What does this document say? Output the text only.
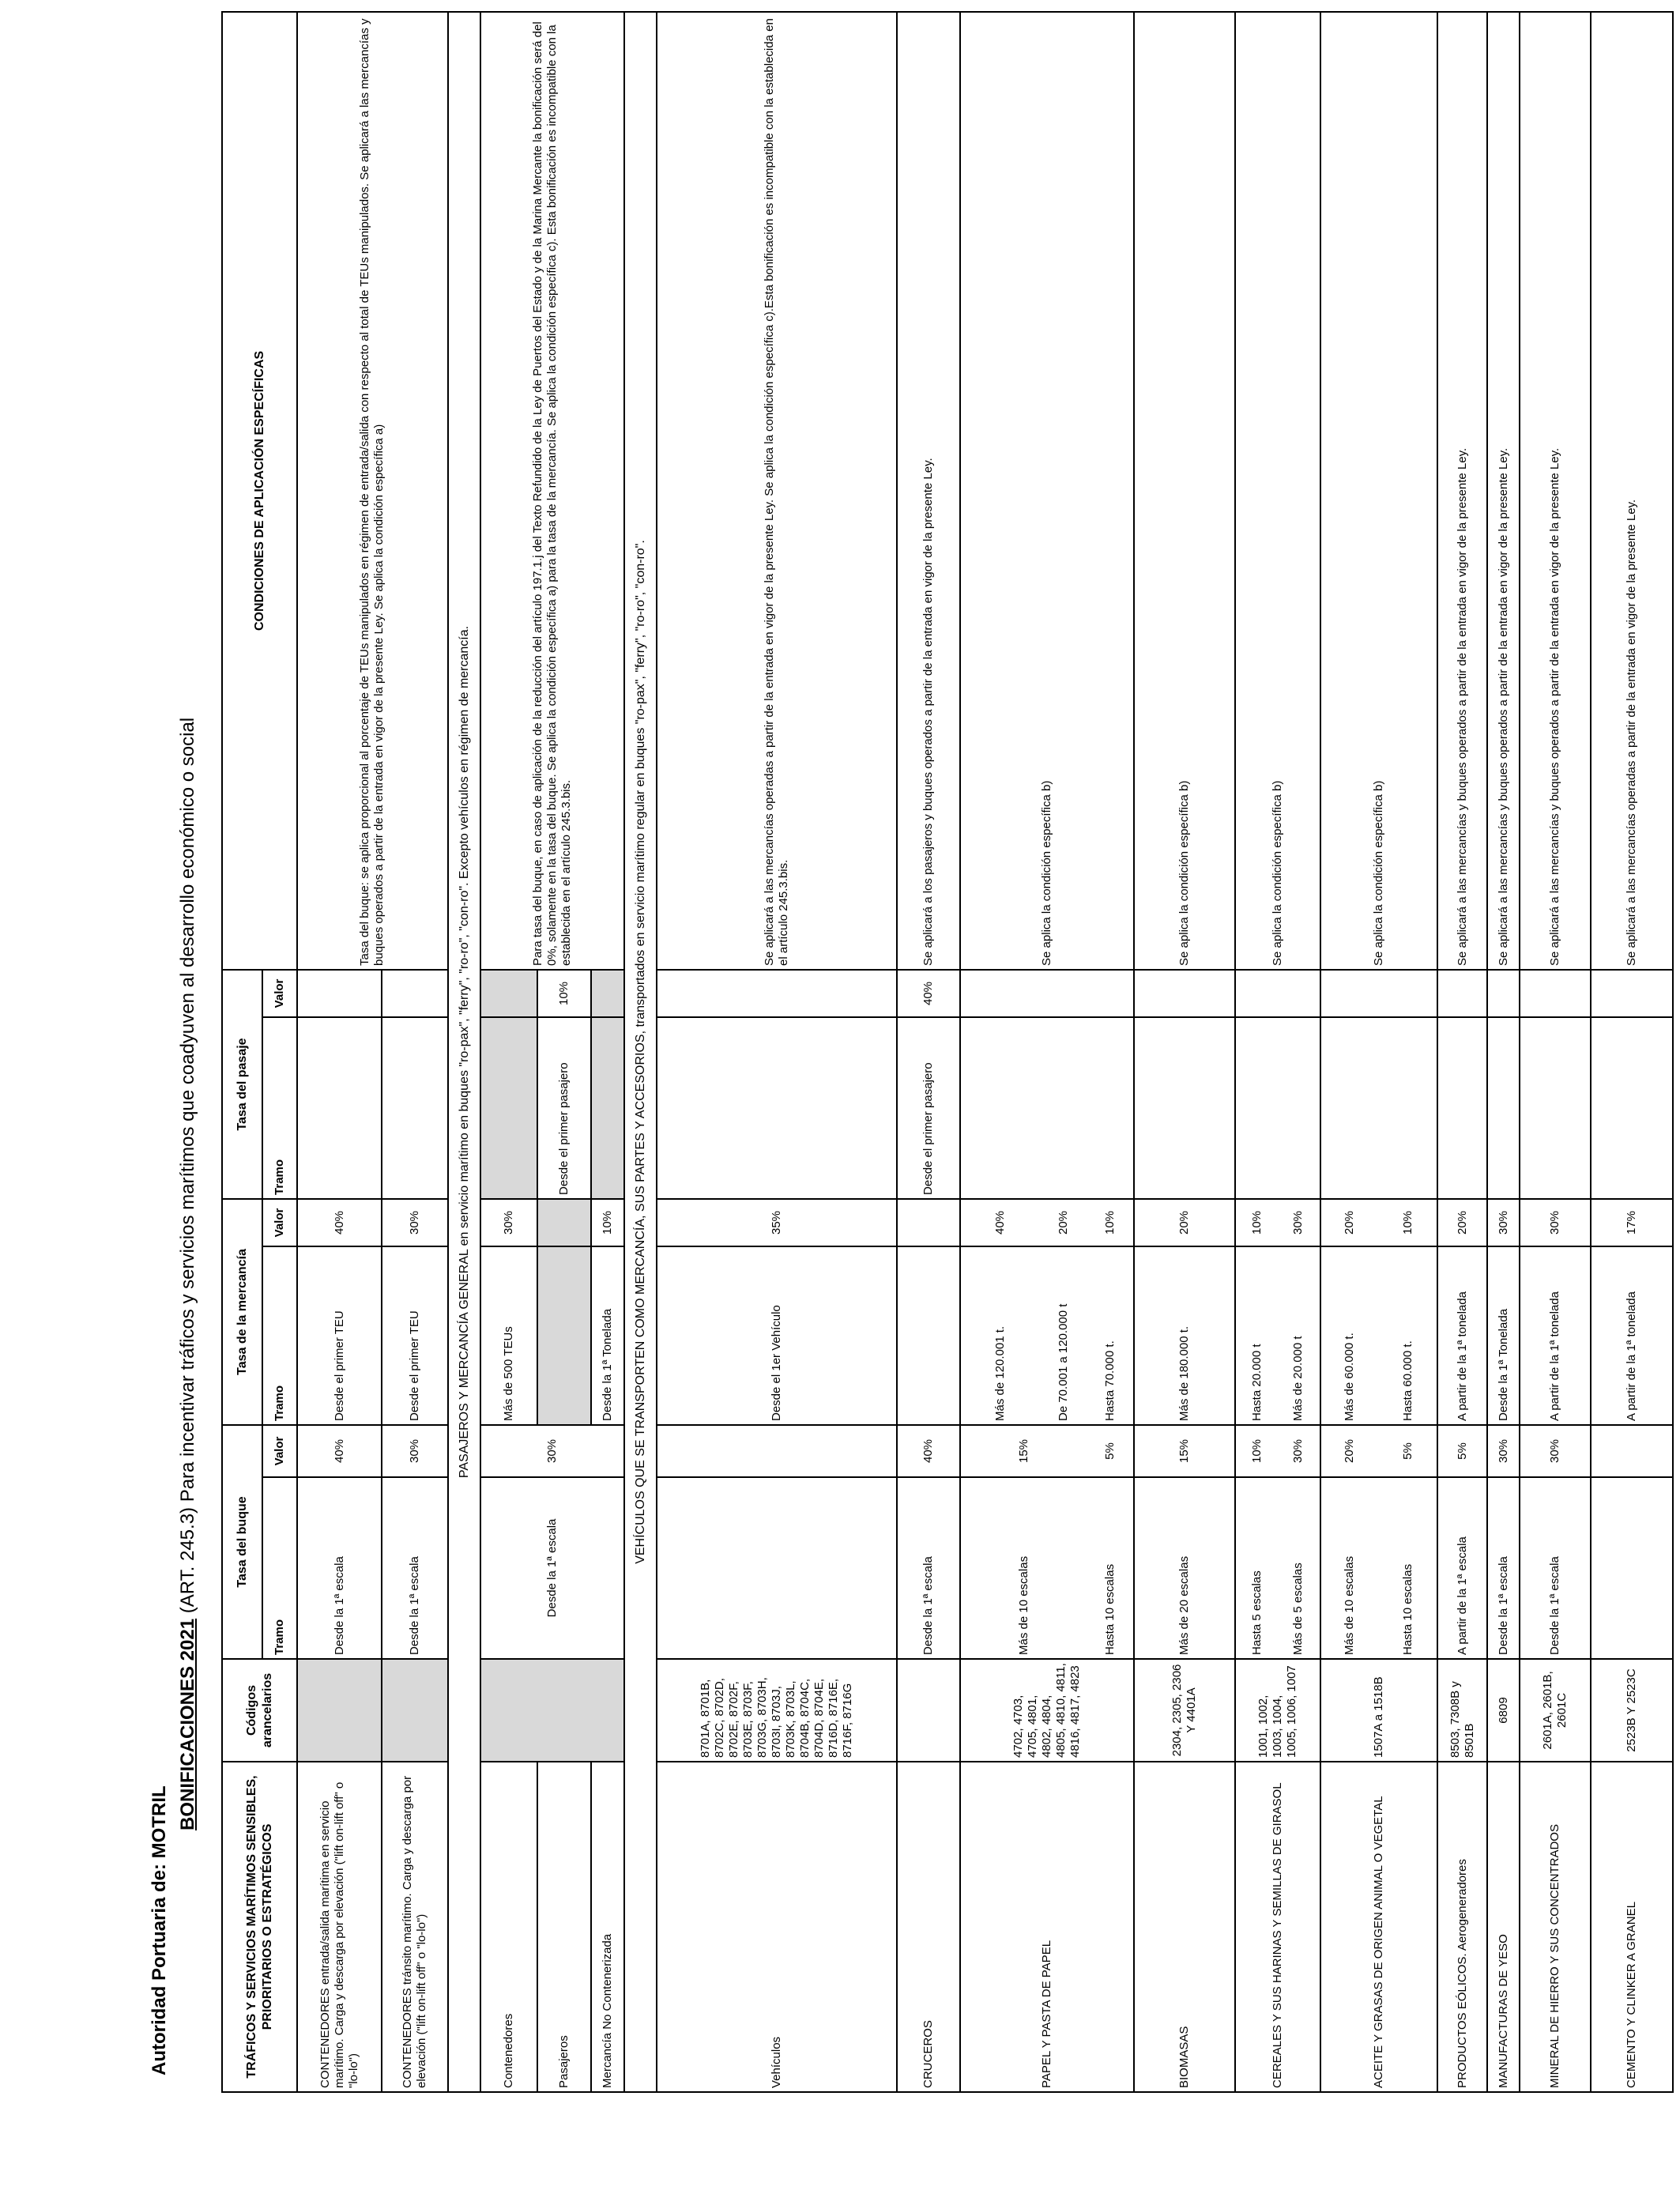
Autoridad Portuaria de: MOTRIL
BONIFICACIONES 2021 (ART. 245.3) Para incentivar tráficos y servicios marítimos que coadyuven al desarrollo económico o social
TRÁFICOS Y SERVICIOS MARÍTIMOS SENSIBLES, PRIORITARIOS O ESTRATÉGICOS	Códigos arancelarios	Tasa del buque		Tasa de la mercancía		Tasa del pasaje		CONDICIONES DE APLICACIÓN ESPECÍFICAS
		Tramo	Valor	Tramo	Valor	Tramo	Valor	
CONTENEDORES entrada/salida marítima en servicio marítimo. Carga y descarga por elevación ("lift on-lift off" o "lo-lo")		Desde la 1ª escala	40%	Desde el primer TEU	40%			Tasa del buque: se aplica proporcional al porcentaje de TEUs manipulados en régimen de entrada/salida con respecto al total de TEUs manipulados. Se aplicará a las mercancías y buques operados a partir de la entrada en vigor de la presente Ley. Se aplica la condición específica a)
CONTENEDORES tránsito marítimo. Carga y descarga por elevación ("lift on-lift off" o "lo-lo")		Desde la 1ª escala	30%	Desde el primer TEU	30%			
PASAJEROS Y MERCANCÍA GENERAL en servicio marítimo en buques "ro-pax", "ferry", "ro-ro", "con-ro". Excepto vehículos en régimen de mercancía.								
Contenedores		Desde la 1ª escala	30%	Más de 500 TEUs	30%			Para tasa del buque, en caso de aplicación de la reducción del artículo 197.1.j del Texto Refundido de la Ley de Puertos del Estado y de la Marina Mercante la bonificación será del 0%, solamente en la tasa del buque. Se aplica la condición específica a) para la tasa de la mercancía. Se aplica la condición específica c). Esta bonificación es incompatible con la establecida en el artículo 245.3.bis.
Pasajeros						Desde el primer pasajero	10%	
Mercancía No Contenerizada				Desde la 1ª Tonelada	10%			
VEHÍCULOS QUE SE TRANSPORTEN COMO MERCANCÍA, SUS PARTES Y ACCESORIOS, transportados en servicio marítimo regular en buques "ro-pax", "ferry", "ro-ro", "con-ro".								
Vehículos	8701A, 8701B, 8702C, 8702D, 8702E, 8702F, 8703E, 8703F, 8703G, 8703H, 8703I, 8703J, 8703K, 8703L, 8704B, 8704C, 8704D, 8704E, 8716D, 8716E, 8716F, 8716G			Desde el 1er Vehículo	35%			Se aplicará a las mercancías operadas a partir de la entrada en vigor de la presente Ley. Se aplica la condición específica c).Esta bonificación es incompatible con la establecida en el artículo 245.3.bis.
CRUCEROS		Desde la 1ª escala	40%			Desde el primer pasajero	40%	Se aplicará a los pasajeros y buques operados a partir de la entrada en vigor de la presente Ley.
PAPEL Y PASTA DE PAPEL	4702, 4703, 4705, 4801, 4802, 4804, 4805, 4810, 4811, 4816, 4817, 4823	Más de 10 escalas	15%	Más de 120.001 t.	40%			Se aplica la condición específica b)
				De 70.001 a 120.000 t	20%			
		Hasta 10 escalas	5%	Hasta 70.000 t.	10%			
BIOMASAS	2304, 2305, 2306 Y 4401A	Más de 20 escalas	15%	Más de 180.000 t.	20%			Se aplica la condición específica b)
CEREALES Y SUS HARINAS Y SEMILLAS DE GIRASOL	1001, 1002, 1003, 1004, 1005, 1006, 1007	Hasta 5 escalas	10%	Hasta 20.000 t	10%			Se aplica la condición específica b)
		Más de 5 escalas	30%	Más de 20.000 t	30%			
ACEITE Y GRASAS DE ORIGEN ANIMAL O VEGETAL	1507A a 1518B	Más de 10 escalas	20%	Más de 60.000 t.	20%			Se aplica la condición específica b)
		Hasta 10 escalas	5%	Hasta 60.000 t.	10%			
PRODUCTOS EÓLICOS. Aerogeneradores	8503, 7308B y 8501B	A partir de la 1ª escala	5%	A partir de la 1ª tonelada	20%			Se aplicará a las mercancías y buques operados a partir de la entrada en vigor de la presente Ley.
MANUFACTURAS DE YESO	6809	Desde la 1ª escala	30%	Desde la 1ª Tonelada	30%			Se aplicará a las mercancías y buques operados a partir de la entrada en vigor de la presente Ley.
MINERAL DE HIERRO Y SUS CONCENTRADOS	2601A, 2601B, 2601C	Desde la 1ª escala	30%	A partir de la 1ª tonelada	30%			Se aplicará a las mercancías y buques operados a partir de la entrada en vigor de la presente Ley.
CEMENTO Y CLINKER A GRANEL	2523B Y 2523C			A partir de la 1ª tonelada	17%			Se aplicará a las mercancías operadas a partir de la entrada en vigor de la presente Ley.
